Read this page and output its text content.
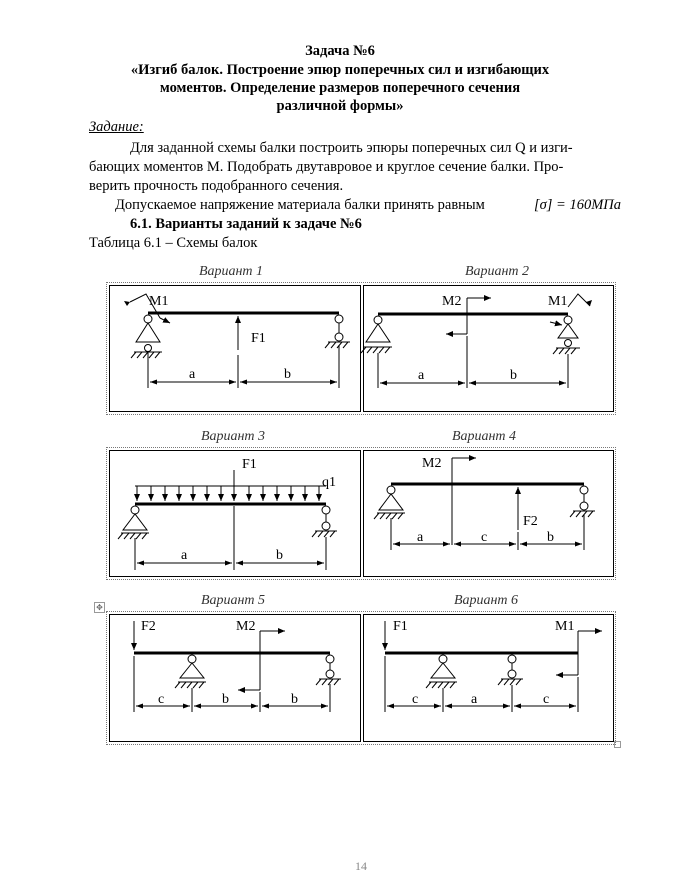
Задача №6
«Изгиб балок. Построение эпюр поперечных сил и изгибающих
моментов. Определение размеров поперечного сечения
различной формы»
Задание:
Для заданной схемы балки построить эпюры поперечных сил Q и изги-
бающих моментов М. Подобрать двутавровое и круглое сечение балки. Про-
верить прочность подобранного сечения.
Допускаемое напряжение материала балки принять равным	[σ] = 160МПа
6.1. Варианты заданий к задаче №6
Таблица 6.1 – Схемы балок
Вариант 1	Вариант 2
Вариант 3	Вариант 4
Вариант 5	Вариант 6
✥
M1
F1
a	b
M2	M1
a	b
F1
q1
a	b
M2
F2
a	c	b
F2	M2
c	b	b
F1	M1
c	a	c
14
